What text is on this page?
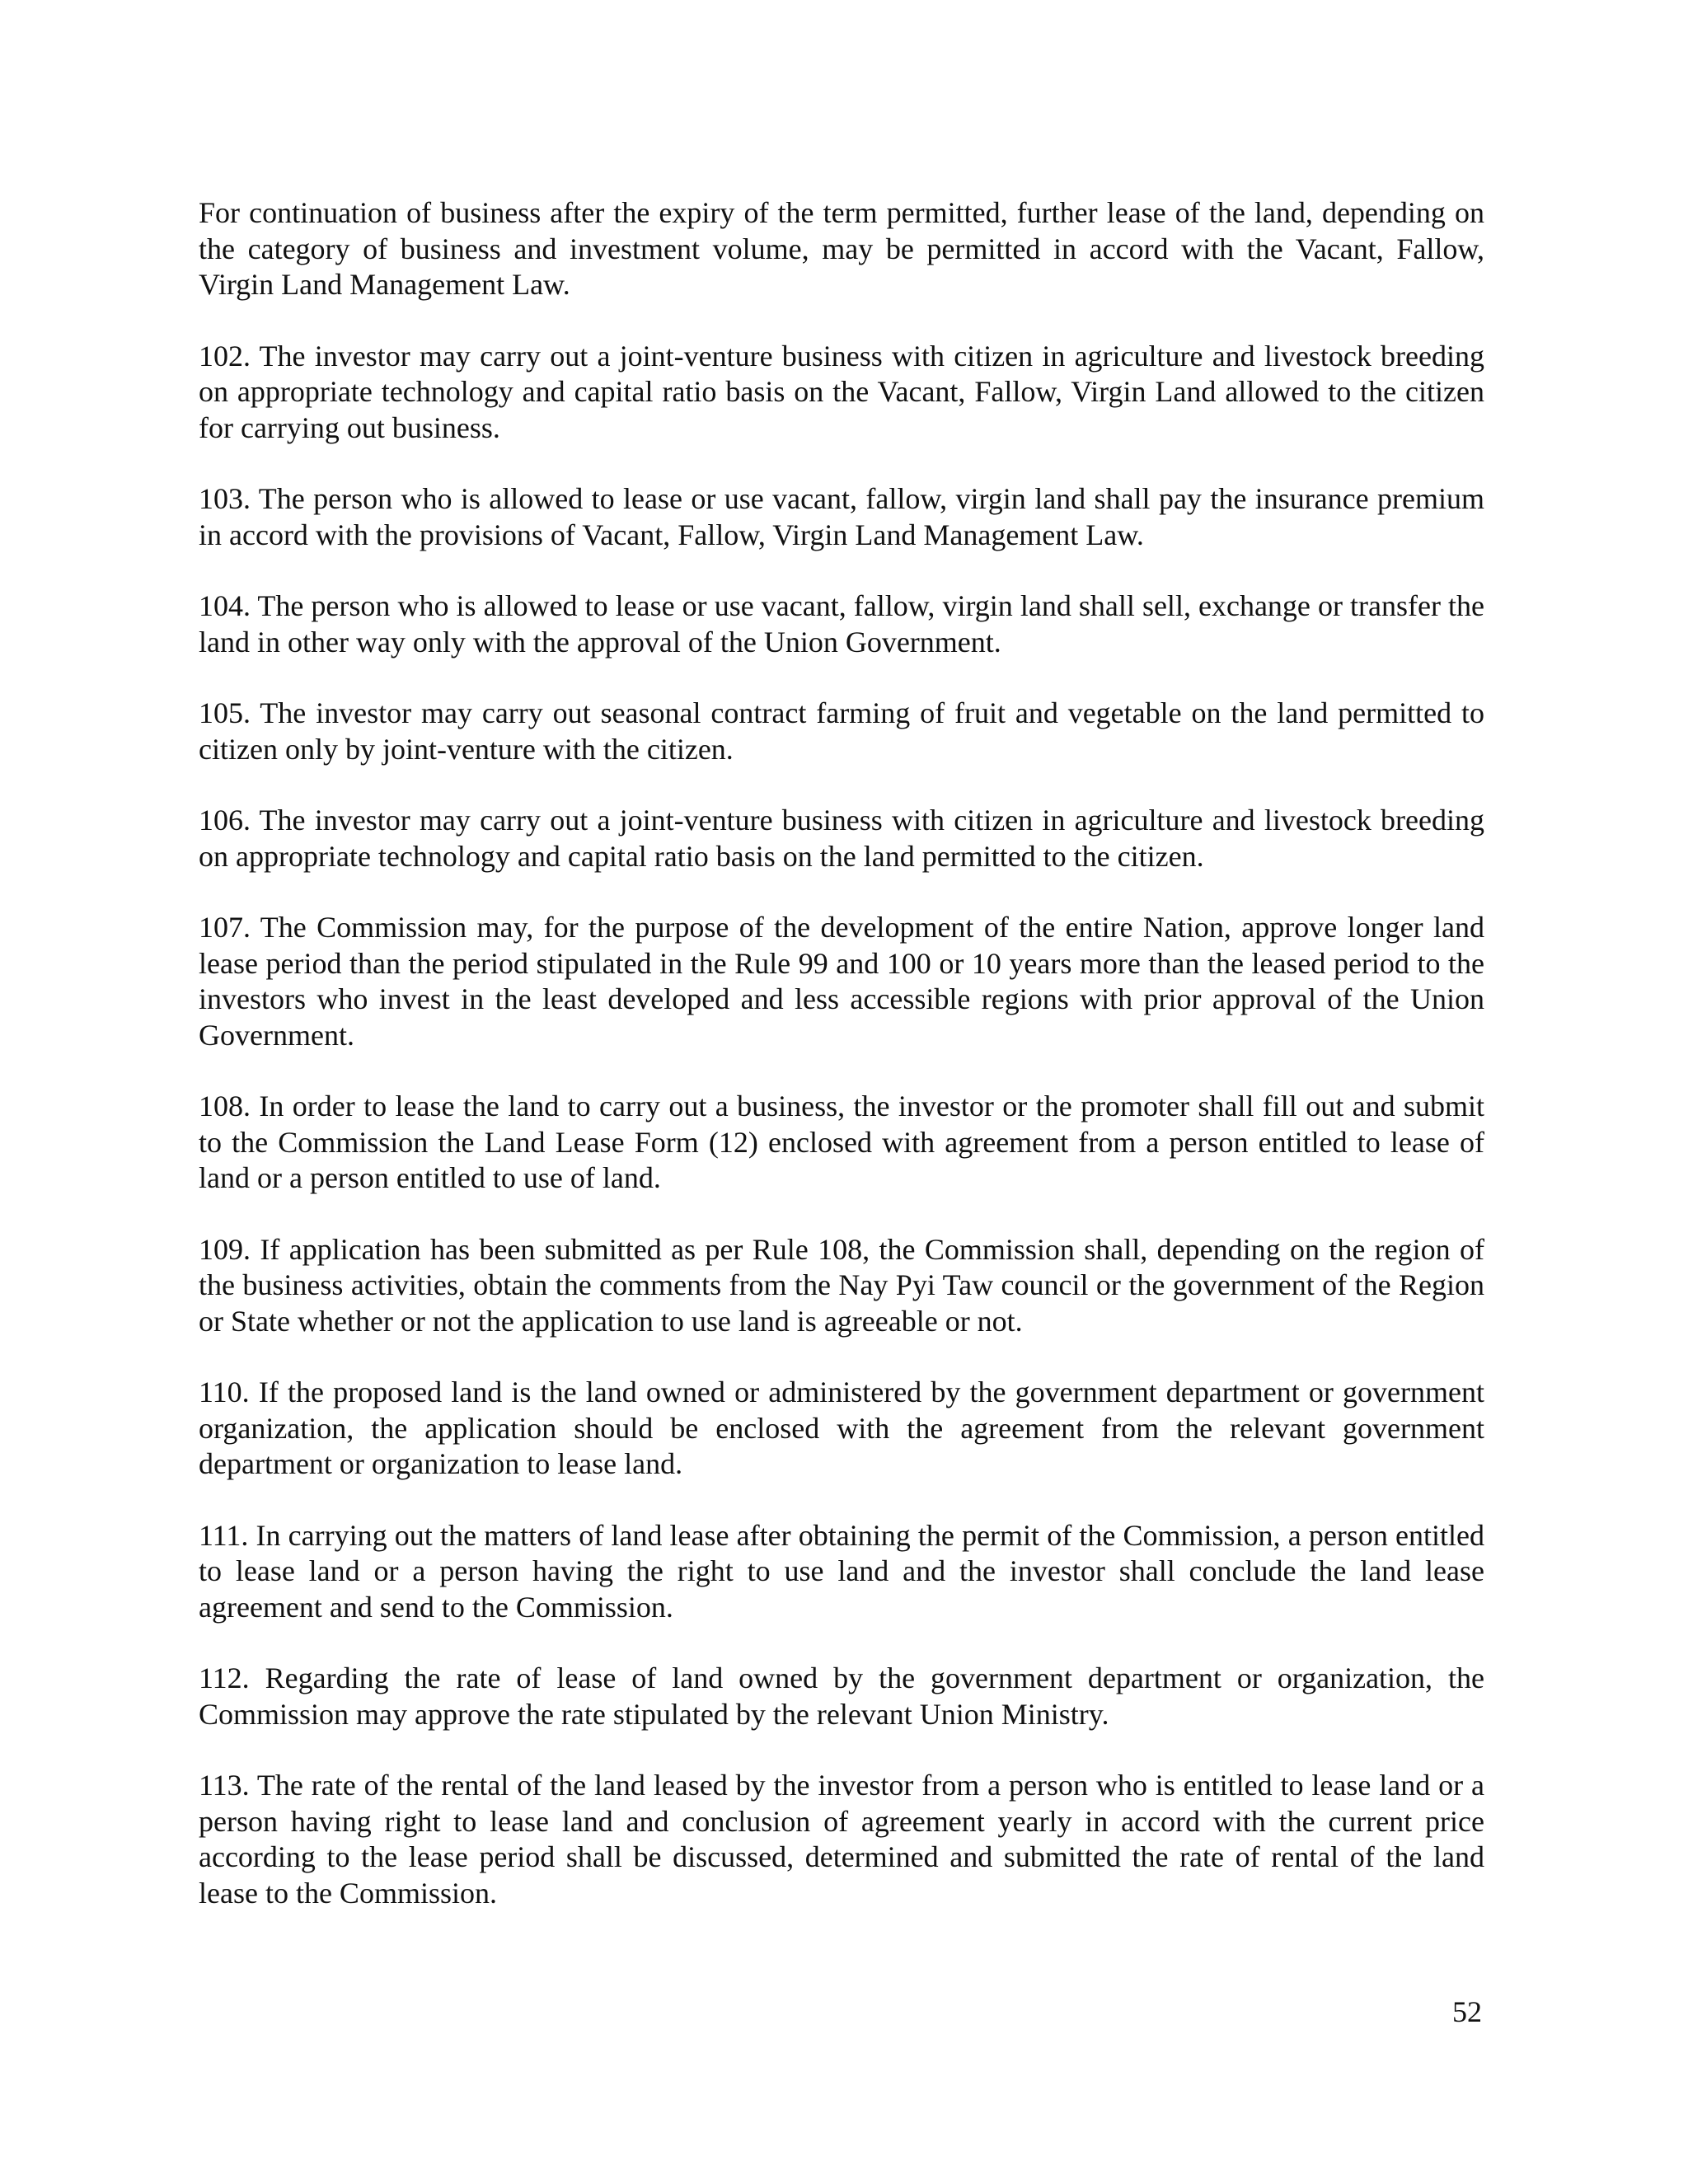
For continuation of business after the expiry of the term permitted, further lease of the land, depending on the category of business and investment volume, may be permitted in accord with the Vacant, Fallow, Virgin Land Management Law.

102. The investor may carry out a joint-venture business with citizen in agriculture and livestock breeding on appropriate technology and capital ratio basis on the Vacant, Fallow, Virgin Land allowed to the citizen for carrying out business.

103. The person who is allowed to lease or use vacant, fallow, virgin land shall pay the insurance premium in accord with the provisions of Vacant, Fallow, Virgin Land Management Law.

104. The person who is allowed to lease or use vacant, fallow, virgin land shall sell, exchange or transfer the land in other way only with the approval of the Union Government.

105. The investor may carry out seasonal contract farming of fruit and vegetable on the land permitted to citizen only by joint-venture with the citizen.

106. The investor may carry out a joint-venture business with citizen in agriculture and livestock breeding on appropriate technology and capital ratio basis on the land permitted to the citizen.

107. The Commission may, for the purpose of the development of the entire Nation, approve longer land lease period than the period stipulated in the Rule 99 and 100 or 10 years more than the leased period to the investors who invest in the least developed and less accessible regions with prior approval of the Union Government.

108. In order to lease the land to carry out a business, the investor or the promoter shall fill out and submit to the Commission the Land Lease Form (12) enclosed with agreement from a person entitled to lease of land or a person entitled to use of land.

109. If application has been submitted as per Rule 108, the Commission shall, depending on the region of the business activities, obtain the comments from the Nay Pyi Taw council or the government of the Region or State whether or not the application to use land is agreeable or not.

110. If the proposed land is the land owned or administered by the government department or government organization, the application should be enclosed with the agreement from the relevant government department or organization to lease land.

111. In carrying out the matters of land lease after obtaining the permit of the Commission, a person entitled to lease land or a person having the right to use land and the investor shall conclude the land lease agreement and send to the Commission.

112. Regarding the rate of lease of land owned by the government department or organization, the Commission may approve the rate stipulated by the relevant Union Ministry.

113. The rate of the rental of the land leased by the investor from a person who is entitled to lease land or a person having right to lease land and conclusion of agreement yearly in accord with the current price according to the lease period shall be discussed, determined and submitted the rate of rental of the land lease to the Commission.

52
